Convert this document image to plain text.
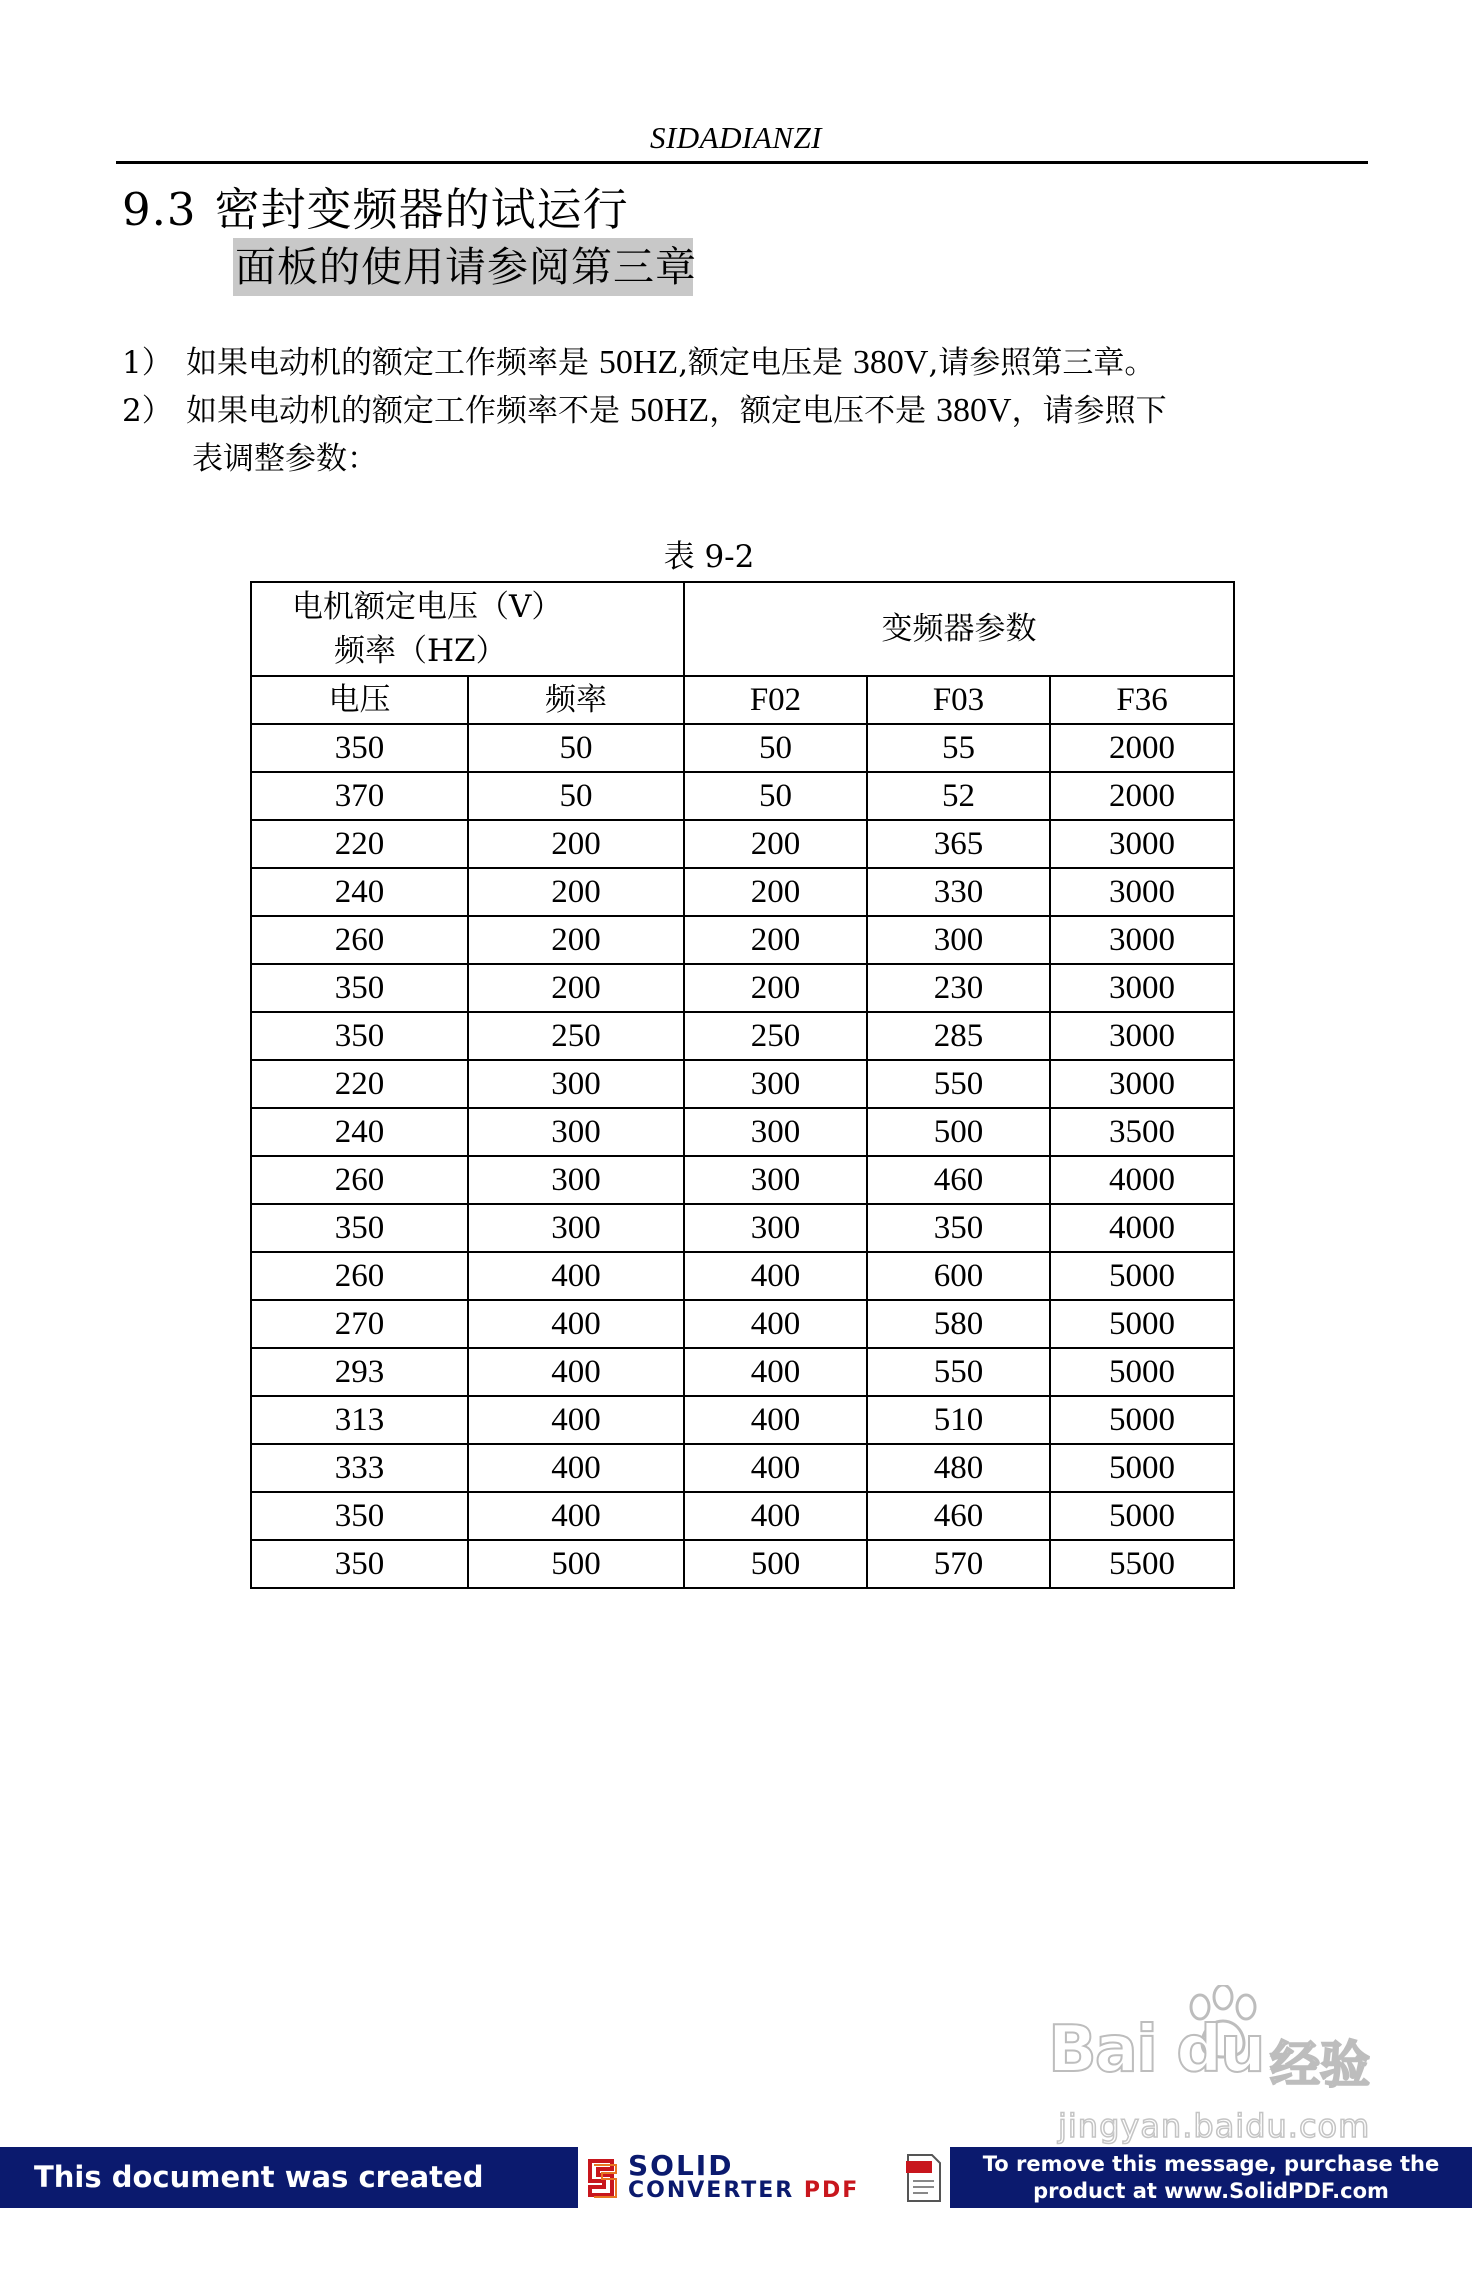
SIDADIANZI
9.3 密封变频器的试运行
面板的使用请参阅第三章
1） 如果电动机的额定工作频率是 50HZ,额定电压是 380V,请参照第三章。
2） 如果电动机的额定工作频率不是 50HZ，额定电压不是 380V，请参照下
表调整参数：
表 9-2
电机额定电压（V）
频率（HZ）		变频器参数		
电压	频率	F02	F03	F36
350	50	50	55	2000
370	50	50	52	2000
220	200	200	365	3000
240	200	200	330	3000
260	200	200	300	3000
350	200	200	230	3000
350	250	250	285	3000
220	300	300	550	3000
240	300	300	500	3500
260	300	300	460	4000
350	300	300	350	4000
260	400	400	600	5000
270	400	400	580	5000
293	400	400	550	5000
313	400	400	510	5000
333	400	400	480	5000
350	400	400	460	5000
350	500	500	570	5500
Bai du 经验
jingyan.baidu.com
This document was created using
SOLID
CONVERTER PDF
To remove this message, purchase the
product at www.SolidPDF.com
